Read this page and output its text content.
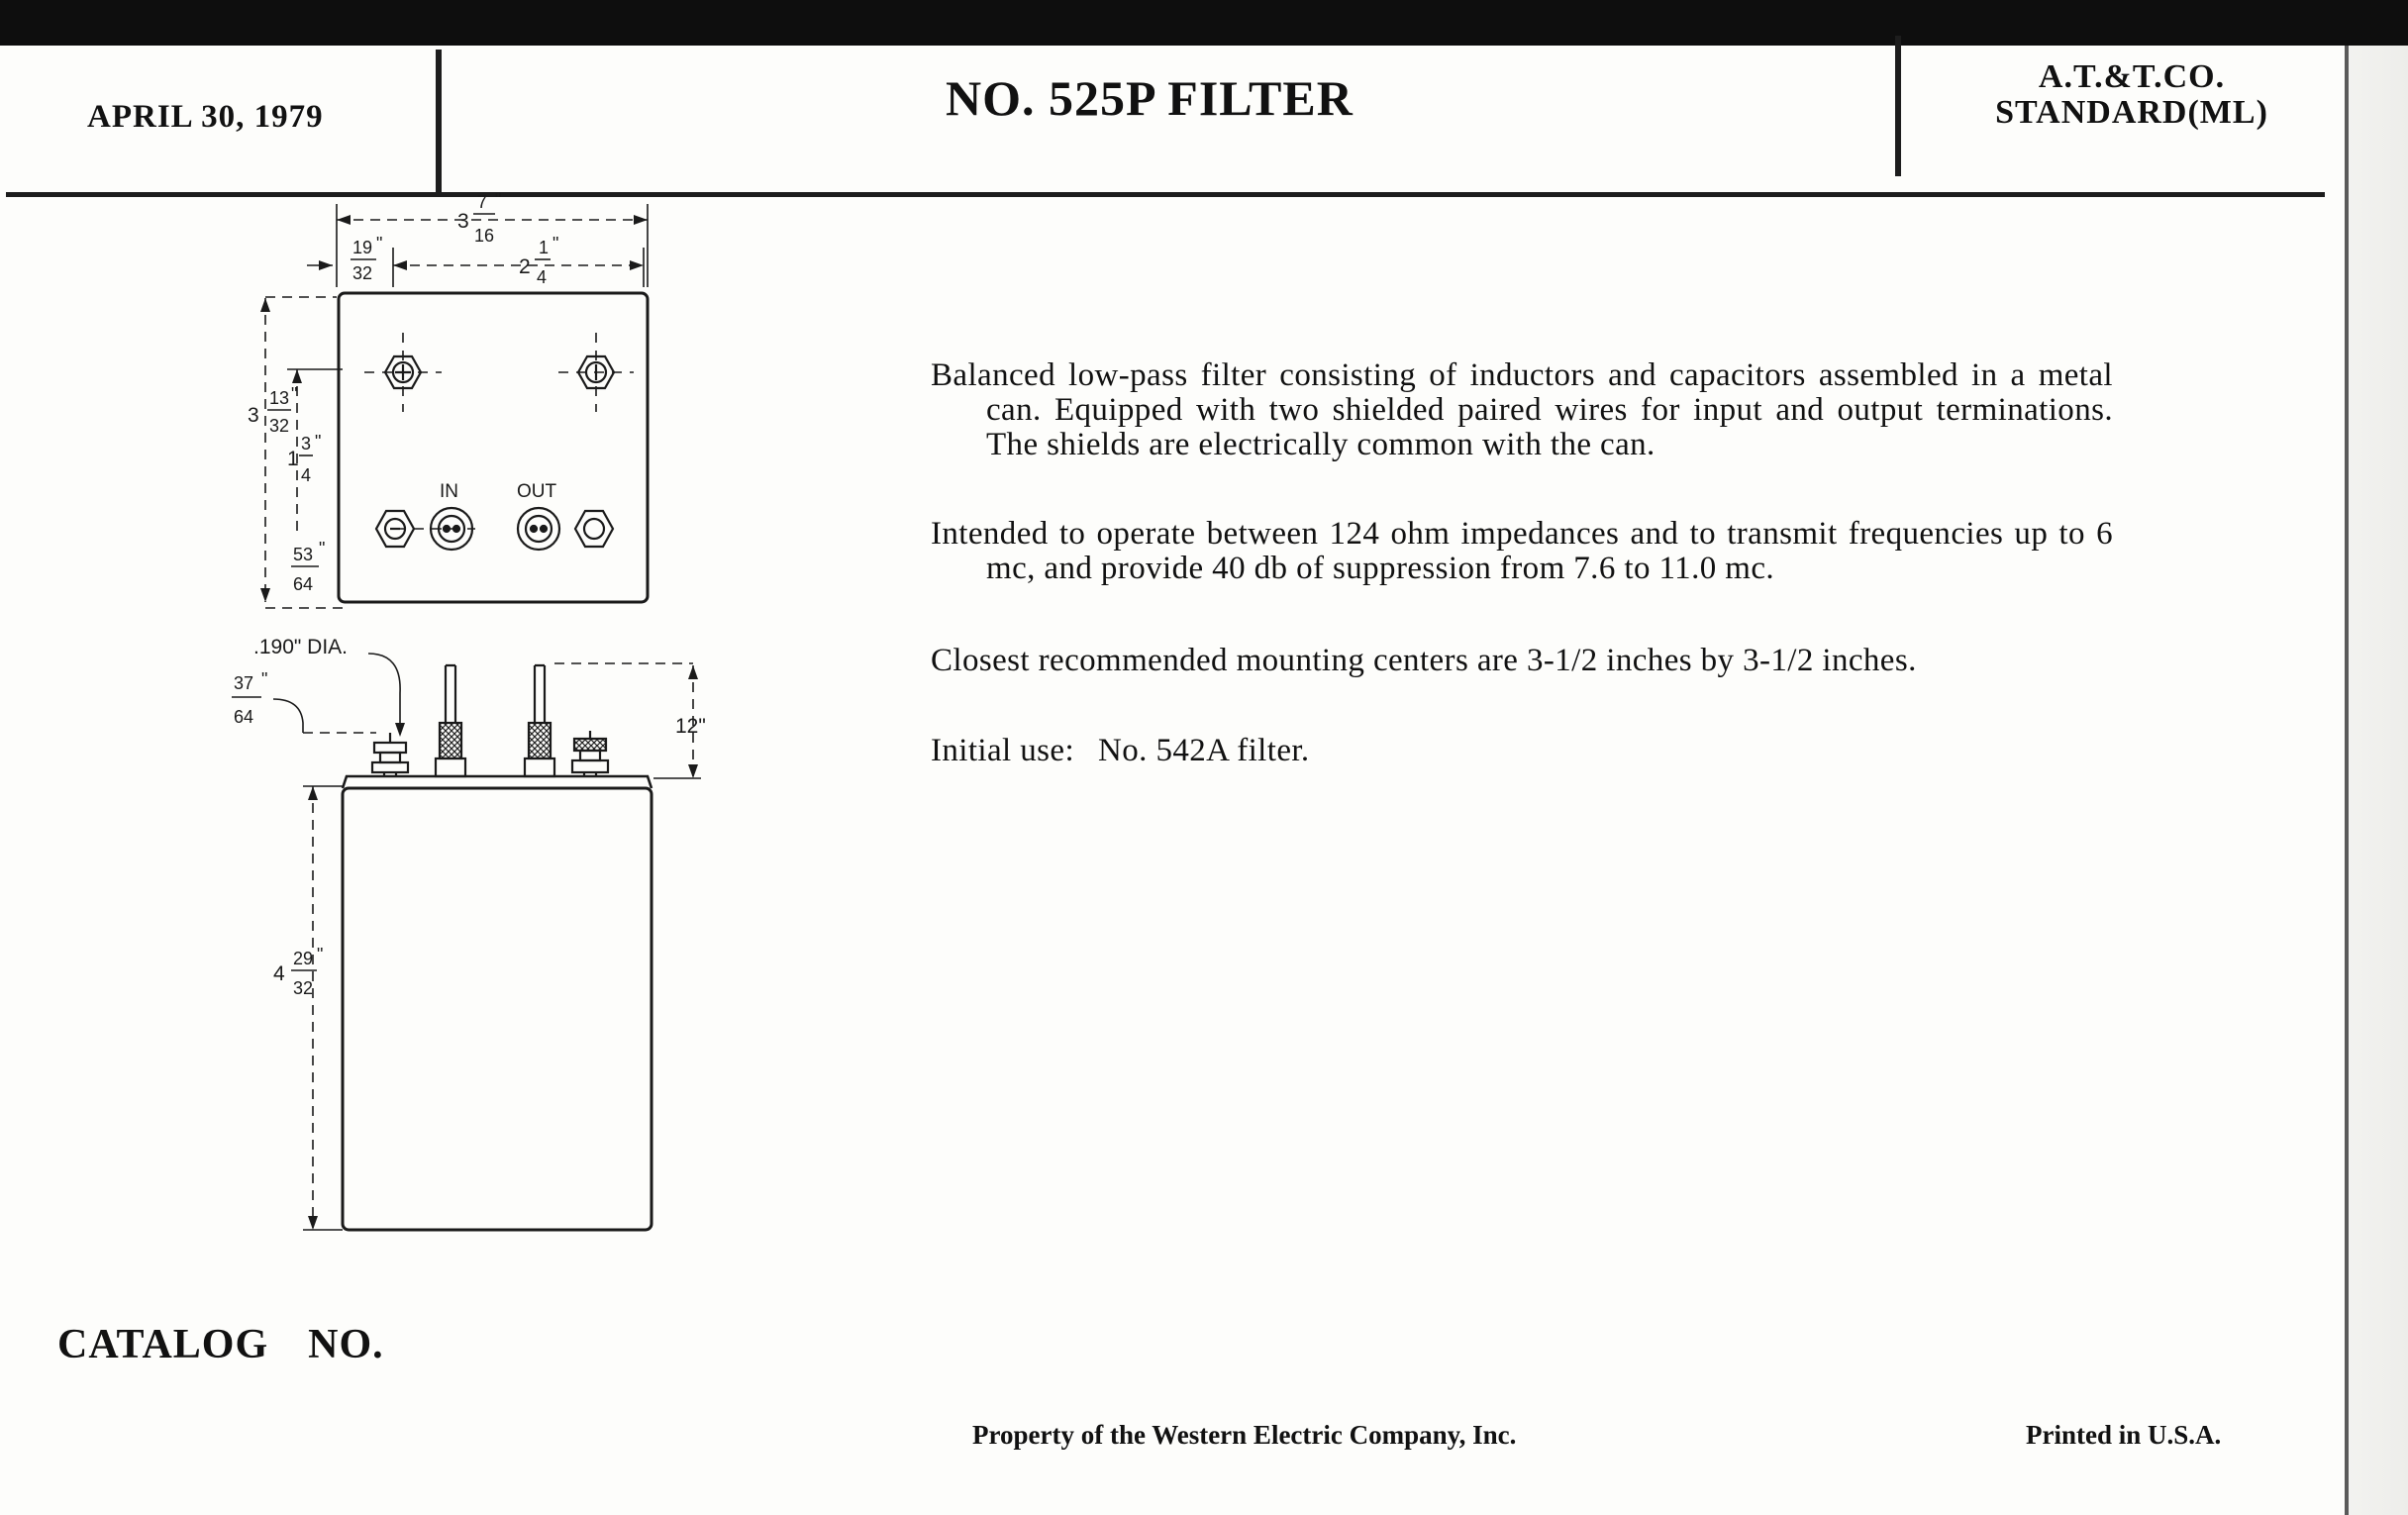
APRIL 30, 1979	NO. 525P FILTER	A.T.&T.CO.
STANDARD(ML)
Balanced low-pass filter consisting of inductors and capacitors assembled in a metal can. Equipped with two shielded paired wires for input and output terminations. The shields are electrically common with the can.
Intended to operate between 124 ohm impedances and to transmit frequencies up to 6 mc, and provide 40 db of suppression from 7.6 to 11.0 mc.
Closest recommended mounting centers are 3-1/2 inches by 3-1/2 inches.
Initial use: No. 542A filter.
3
7
16
"
19
32
"
2
1
4
"
3
13
32
"
1
3
4
"
53
64
"
IN	OUT
.190" DIA.
37
64
"
12"
4
29
32
"
CATALOG NO.
Property of the Western Electric Company, Inc.	Printed in U.S.A.
